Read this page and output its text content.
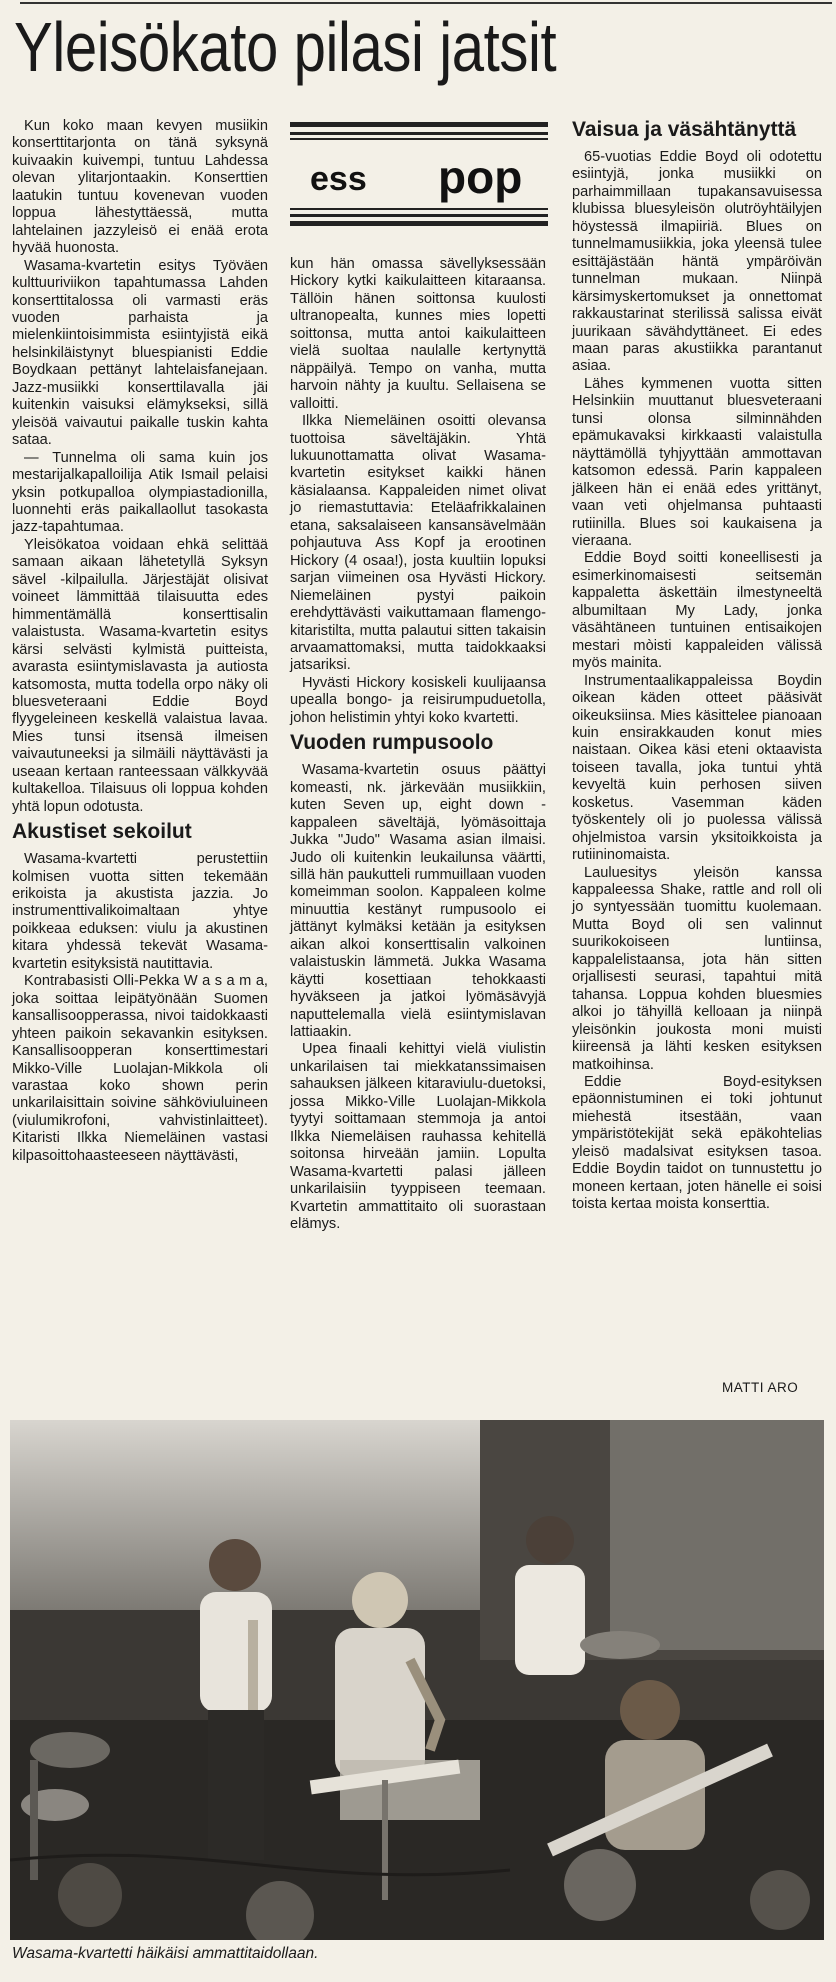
Yleisökato pilasi jatsit
ess pop

Kun koko maan kevyen musiikin konserttitarjonta on tänä syksynä kuivaakin kuivempi, tuntuu Lahdessa olevan ylitarjontaakin. Konserttien laatukin tuntuu kovenevan vuoden loppua lähestyttäessä, mutta lahtelainen jazzyleisö ei enää erota hyvää huonosta.

Wasama-kvartetin esitys Työväen kulttuuriviikon tapahtumassa Lahden konserttitalossa oli varmasti eräs vuoden parhaista ja mielenkiintoisimmista esiintyjistä eikä helsinkiläistynyt bluespianisti Eddie Boydkaan pettänyt lahtelaisfanejaan. Jazz-musiikki konserttilavalla jäi kuitenkin vaisuksi elämykseksi, sillä yleisöä vaivautui paikalle tuskin kahta sataa.

— Tunnelma oli sama kuin jos mestarijalkapalloilija Atik Ismail pelaisi yksin potkupalloa olympiastadionilla, luonnehti eräs paikallaollut tasokasta jazz-tapahtumaa.

Yleisökatoa voidaan ehkä selittää samaan aikaan lähetetyllä Syksyn sävel -kilpailulla. Järjestäjät olisivat voineet lämmittää tilaisuutta edes himmentämällä konserttisalin valaistusta. Wasama-kvartetin esitys kärsi selvästi kylmistä puitteista, avarasta esiintymislavasta ja autiosta katsomosta, mutta todella orpo näky oli bluesveteraani Eddie Boyd flyygeleineen keskellä valaistua lavaa. Mies tunsi itsensä ilmeisen vaivautuneeksi ja silmäili näyttävästi ja useaan kertaan ranteessaan välkkyvää kultakelloa. Tilaisuus oli loppua kohden yhtä lopun odotusta.

Akustiset sekoilut

Wasama-kvartetti perustettiin kolmisen vuotta sitten tekemään erikoista ja akustista jazzia. Jo instrumenttivalikoimaltaan yhtye poikkeaa eduksen: viulu ja akustinen kitara yhdessä tekevät Wasama-kvartetin esityksistä nautittavia.

Kontrabasisti Olli-Pekka W a s a m a, joka soittaa leipätyönään Suomen kansallisoopperassa, nivoi taidokkaasti yhteen paikoin sekavankin esityksen. Kansallisoopperan konserttimestari Mikko-Ville Luolajan-Mikkola oli varastaa koko shown perin unkarilaisittain soivine sähköviuluineen (viulumikrofoni, vahvistinlaitteet). Kitaristi Ilkka Niemeläinen vastasi kilpasoittohaasteeseen näyttävästi,

kun hän omassa sävellyksessään Hickory kytki kaikulaitteen kitaraansa. Tällöin hänen soittonsa kuulosti ultranopealta, kunnes mies lopetti soittonsa, mutta antoi kaikulaitteen vielä suoltaa naulalle kertynyttä näppäilyä. Tempo on vanha, mutta harvoin nähty ja kuultu. Sellaisena se valloitti.

Ilkka Niemeläinen osoitti olevansa tuottoisa säveltäjäkin. Yhtä lukuunottamatta olivat Wasama-kvartetin esitykset kaikki hänen käsialaansa. Kappaleiden nimet olivat jo riemastuttavia: Eteläafrikkalainen etana, saksalaiseen kansansävelmään pohjautuva Ass Kopf ja erootinen Hickory (4 osaa!), josta kuultiin lopuksi sarjan viimeinen osa Hyvästi Hickory. Niemeläinen pystyi paikoin erehdyttävästi vaikuttamaan flamengo-kitaristilta, mutta palautui sitten takaisin arvaamattomaksi, mutta taidokkaaksi jatsariksi.

Hyvästi Hickory kosiskeli kuulijaansa upealla bongo- ja reisirumpuduetolla, johon helistimin yhtyi koko kvartetti.

Vuoden rumpusoolo

Wasama-kvartetin osuus päättyi komeasti, nk. järkevään musiikkiin, kuten Seven up, eight down -kappaleen säveltäjä, lyömäsoittaja Jukka "Judo" Wasama asian ilmaisi. Judo oli kuitenkin leukailunsa väärtti, sillä hän paukutteli rummuillaan vuoden komeimman soolon. Kappaleen kolme minuuttia kestänyt rumpusoolo ei jättänyt kylmäksi ketään ja esityksen aikan alkoi konserttisalin valkoinen valaistuskin lämmetä. Jukka Wasama käytti kosettiaan tehokkaasti hyväkseen ja jatkoi lyömäsävyjä naputtelemalla vielä esiintymislavan lattiaakin.

Upea finaali kehittyi vielä viulistin unkarilaisen tai miekkatanssimaisen sahauksen jälkeen kitaraviulu-duetoksi, jossa Mikko-Ville Luolajan-Mikkola tyytyi soittamaan stemmoja ja antoi Ilkka Niemeläisen rauhassa kehitellä soitonsa hirveään jamiin. Lopulta Wasama-kvartetti palasi jälleen unkarilaisiin tyyppiseen teemaan. Kvartetin ammattitaito oli suorastaan elämys.

Vaisua ja väsähtänyttä

65-vuotias Eddie Boyd oli odotettu esiintyjä, jonka musiikki on parhaimmillaan tupakansavuisessa klubissa bluesyleisön olutröyhtäilyjen höystessä ilmapiiriä. Blues on tunnelmamusiikkia, joka yleensä tulee esittäjästään häntä ympäröivän tunnelman mukaan. Niinpä kärsimyskertomukset ja onnettomat rakkaustarinat sterilissä salissa eivät juurikaan sävähdyttäneet. Ei edes maan paras akustiikka parantanut asiaa.

Lähes kymmenen vuotta sitten Helsinkiin muuttanut bluesveteraani tunsi olonsa silminnähden epämukavaksi kirkkaasti valaistulla näyttämöllä tyhjyyttään ammottavan katsomon edessä. Parin kappaleen jälkeen hän ei enää edes yrittänyt, vaan veti ohjelmansa puhtaasti rutiinilla. Blues soi kaukaisena ja vieraana.

Eddie Boyd soitti koneellisesti ja esimerkinomaisesti seitsemän kappaletta äskettäin ilmestyneeltä albumiltaan My Lady, jonka väsähtäneen tuntuinen entisaikojen mestari mòisti kappaleiden välissä myös mainita.

Instrumentaalikappaleissa Boydin oikean käden otteet pääsivät oikeuksiinsa. Mies käsittelee pianoaan kuin ensirakkauden konut mies naistaan. Oikea käsi eteni oktaavista toiseen tavalla, joka tuntui yhtä kevyeltä kuin perhosen siiven kosketus. Vasemman käden työskentely oli jo puolessa välissä ohjelmistoa varsin yksitoikkoista ja rutiininomaista.

Lauluesitys yleisön kanssa kappaleessa Shake, rattle and roll oli jo syntyessään tuomittu kuolemaan. Mutta Boyd oli sen valinnut suurikokoiseen luntiinsa, kappalelistaansa, jota hän sitten orjallisesti seurasi, tapahtui mitä tahansa. Loppua kohden bluesmies alkoi jo tähyillä kelloaan ja niinpä yleisönkin joukosta moni muisti kiireensä ja lähti kesken esityksen matkoihinsa.

Eddie Boyd-esityksen epäonnistuminen ei toki johtunut miehestä itsestään, vaan ympäristötekijät sekä epäkohtelias yleisö madalsivat esityksen tasoa. Eddie Boydin taidot on tunnustettu jo moneen kertaan, joten hänelle ei soisi toista kertaa moista konserttia.

MATTI ARO
Wasama-kvartetti häikäisi ammattitaidollaan.
